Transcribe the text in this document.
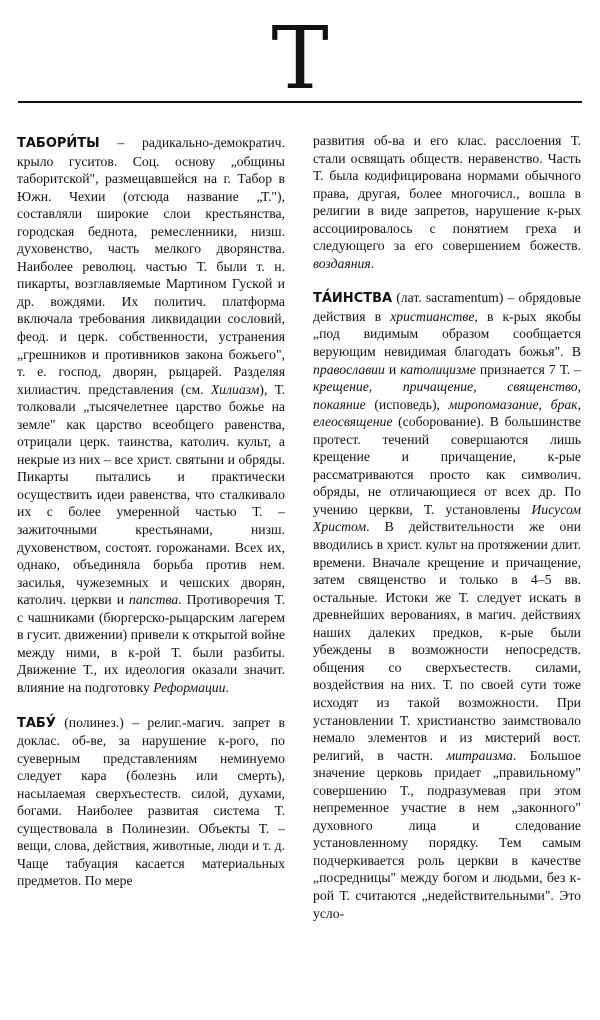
Т

ТАБОРИ́ТЫ – радикально-демократич. крыло гуситов. Соц. основу „общины таборитской", размещавшейся на г. Табор в Южн. Чехии (отсюда название „Т."), составляли широкие слои крестьянства, городская беднота, ремесленники, низш. духовенство, часть мелкого дворянства. Наиболее революц. частью Т. были т. н. пикарты, возглавляемые Мартином Гуской и др. вождями. Их политич. платформа включала требования ликвидации сословий, феод. и церк. собственности, устранения „грешников и противников закона божьего", т. е. господ, дворян, рыцарей. Разделяя хилиастич. представления (см. Хилиазм), Т. толковали „тысячелетнее царство божье на земле" как царство всеобщего равенства, отрицали церк. таинства, католич. культ, а некрые из них – все христ. святыни и обряды. Пикарты пытались и практически осуществить идеи равенства, что сталкивало их с более умеренной частью Т. – зажиточными крестьянами, низш. духовенством, состоят. горожанами. Всех их, однако, объединяла борьба против нем. засилья, чужеземных и чешских дворян, католич. церкви и папства. Противоречия Т. с чашниками (бюргерско-рыцарским лагерем в гусит. движении) привели к открытой войне между ними, в к-рой Т. были разбиты. Движение Т., их идеология оказали значит. влияние на подготовку Реформации.

ТАБУ́ (полинез.) – религ.-магич. запрет в доклас. об-ве, за нарушение к-рого, по суеверным представлениям неминуемо следует кара (болезнь или смерть), насылаемая сверхъестеств. силой, духами, богами. Наиболее развитая система Т. существовала в Полинезии. Объекты Т. – вещи, слова, действия, животные, люди и т. д. Чаще табуация касается материальных предметов. По мере

развития об-ва и его клас. расслоения Т. стали освящать обществ. неравенство. Часть Т. была кодифицирована нормами обычного права, другая, более многочисл., вошла в религии в виде запретов, нарушение к-рых ассоциировалось с понятием греха и следующего за его совершением божеств. воздаяния.

ТА́ИНСТВА (лат. sacramentum) – обрядовые действия в христианстве, в к-рых якобы „под видимым образом сообщается верующим невидимая благодать божья". В православии и католицизме признается 7 Т. – крещение, причащение, священство, покаяние (исповедь), миропомазание, брак, елеосвящение (соборование). В большинстве протест. течений совершаются лишь крещение и причащение, к-рые рассматриваются просто как символич. обряды, не отличающиеся от всех др. По учению церкви, Т. установлены Иисусом Христом. В действительности же они вводились в христ. культ на протяжении длит. времени. Вначале крещение и причащение, затем священство и только в 4–5 вв. остальные. Истоки же Т. следует искать в древнейших верованиях, в магич. действиях наших далеких предков, к-рые были убеждены в возможности непосредств. общения со сверхъестеств. силами, воздействия на них. Т. по своей сути тоже исходят из такой возможности. При установлении Т. христианство заимствовало немало элементов и из мистерий вост. религий, в частн. митраизма. Большое значение церковь придает „правильному" совершению Т., подразумевая при этом непременное участие в нем „законного" духовного лица и следование установленному порядку. Тем самым подчеркивается роль церкви в качестве „посредницы" между богом и людьми, без к-рой Т. считаются „недействительными". Это усло-
